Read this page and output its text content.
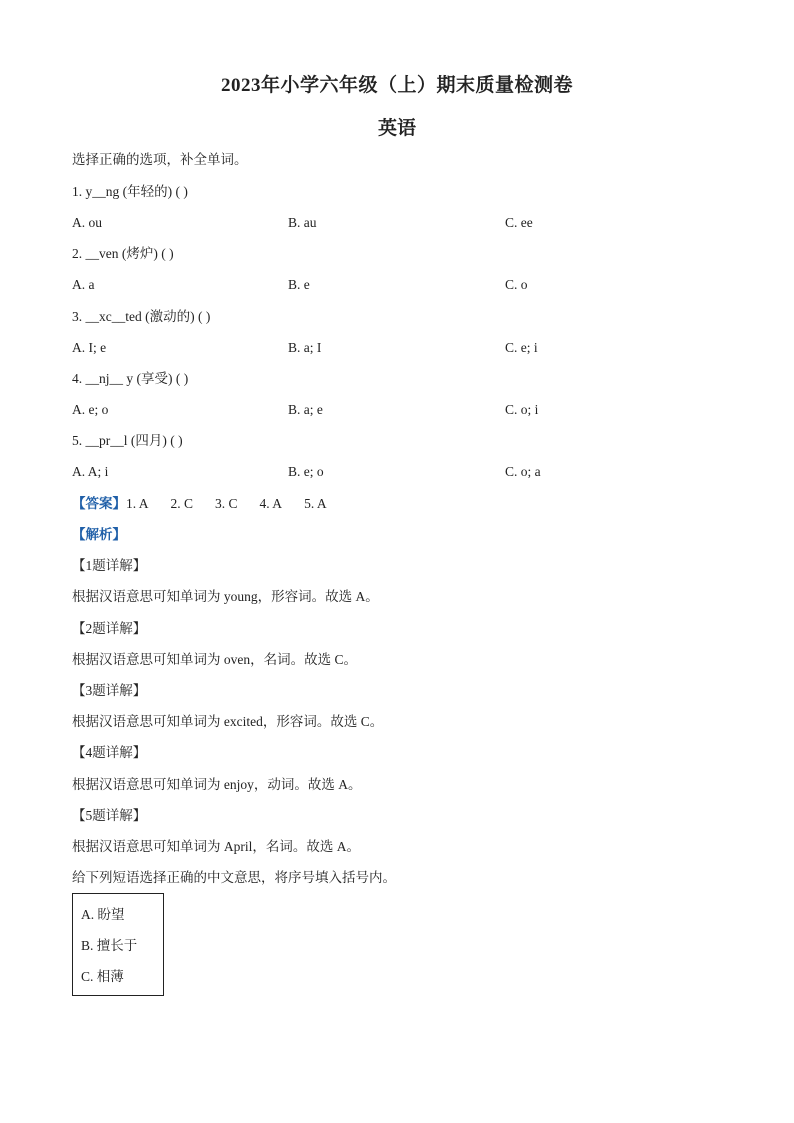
2023年小学六年级（上）期末质量检测卷
英语
选择正确的选项，补全单词。
1. y__ng (年轻的) ( )
A. ou	B. au	C. ee
2. __ven (烤炉) ( )
A. a	B. e	C. o
3. __xc__ted (激动的) ( )
A. I; e	B. a; I	C. e; i
4. __nj__ y (享受) ( )
A. e; o	B. a; e	C. o; i
5. __pr__l (四月) ( )
A. A; i	B. e; o	C. o; a
【答案】1. A 2. C 3. C 4. A 5. A
【解析】
【1题详解】
根据汉语意思可知单词为 young，形容词。故选 A。
【2题详解】
根据汉语意思可知单词为 oven，名词。故选 C。
【3题详解】
根据汉语意思可知单词为 excited，形容词。故选 C。
【4题详解】
根据汉语意思可知单词为 enjoy，动词。故选 A。
【5题详解】
根据汉语意思可知单词为 April，名词。故选 A。
给下列短语选择正确的中文意思，将序号填入括号内。
A. 盼望
B. 擅长于
C. 相薄
